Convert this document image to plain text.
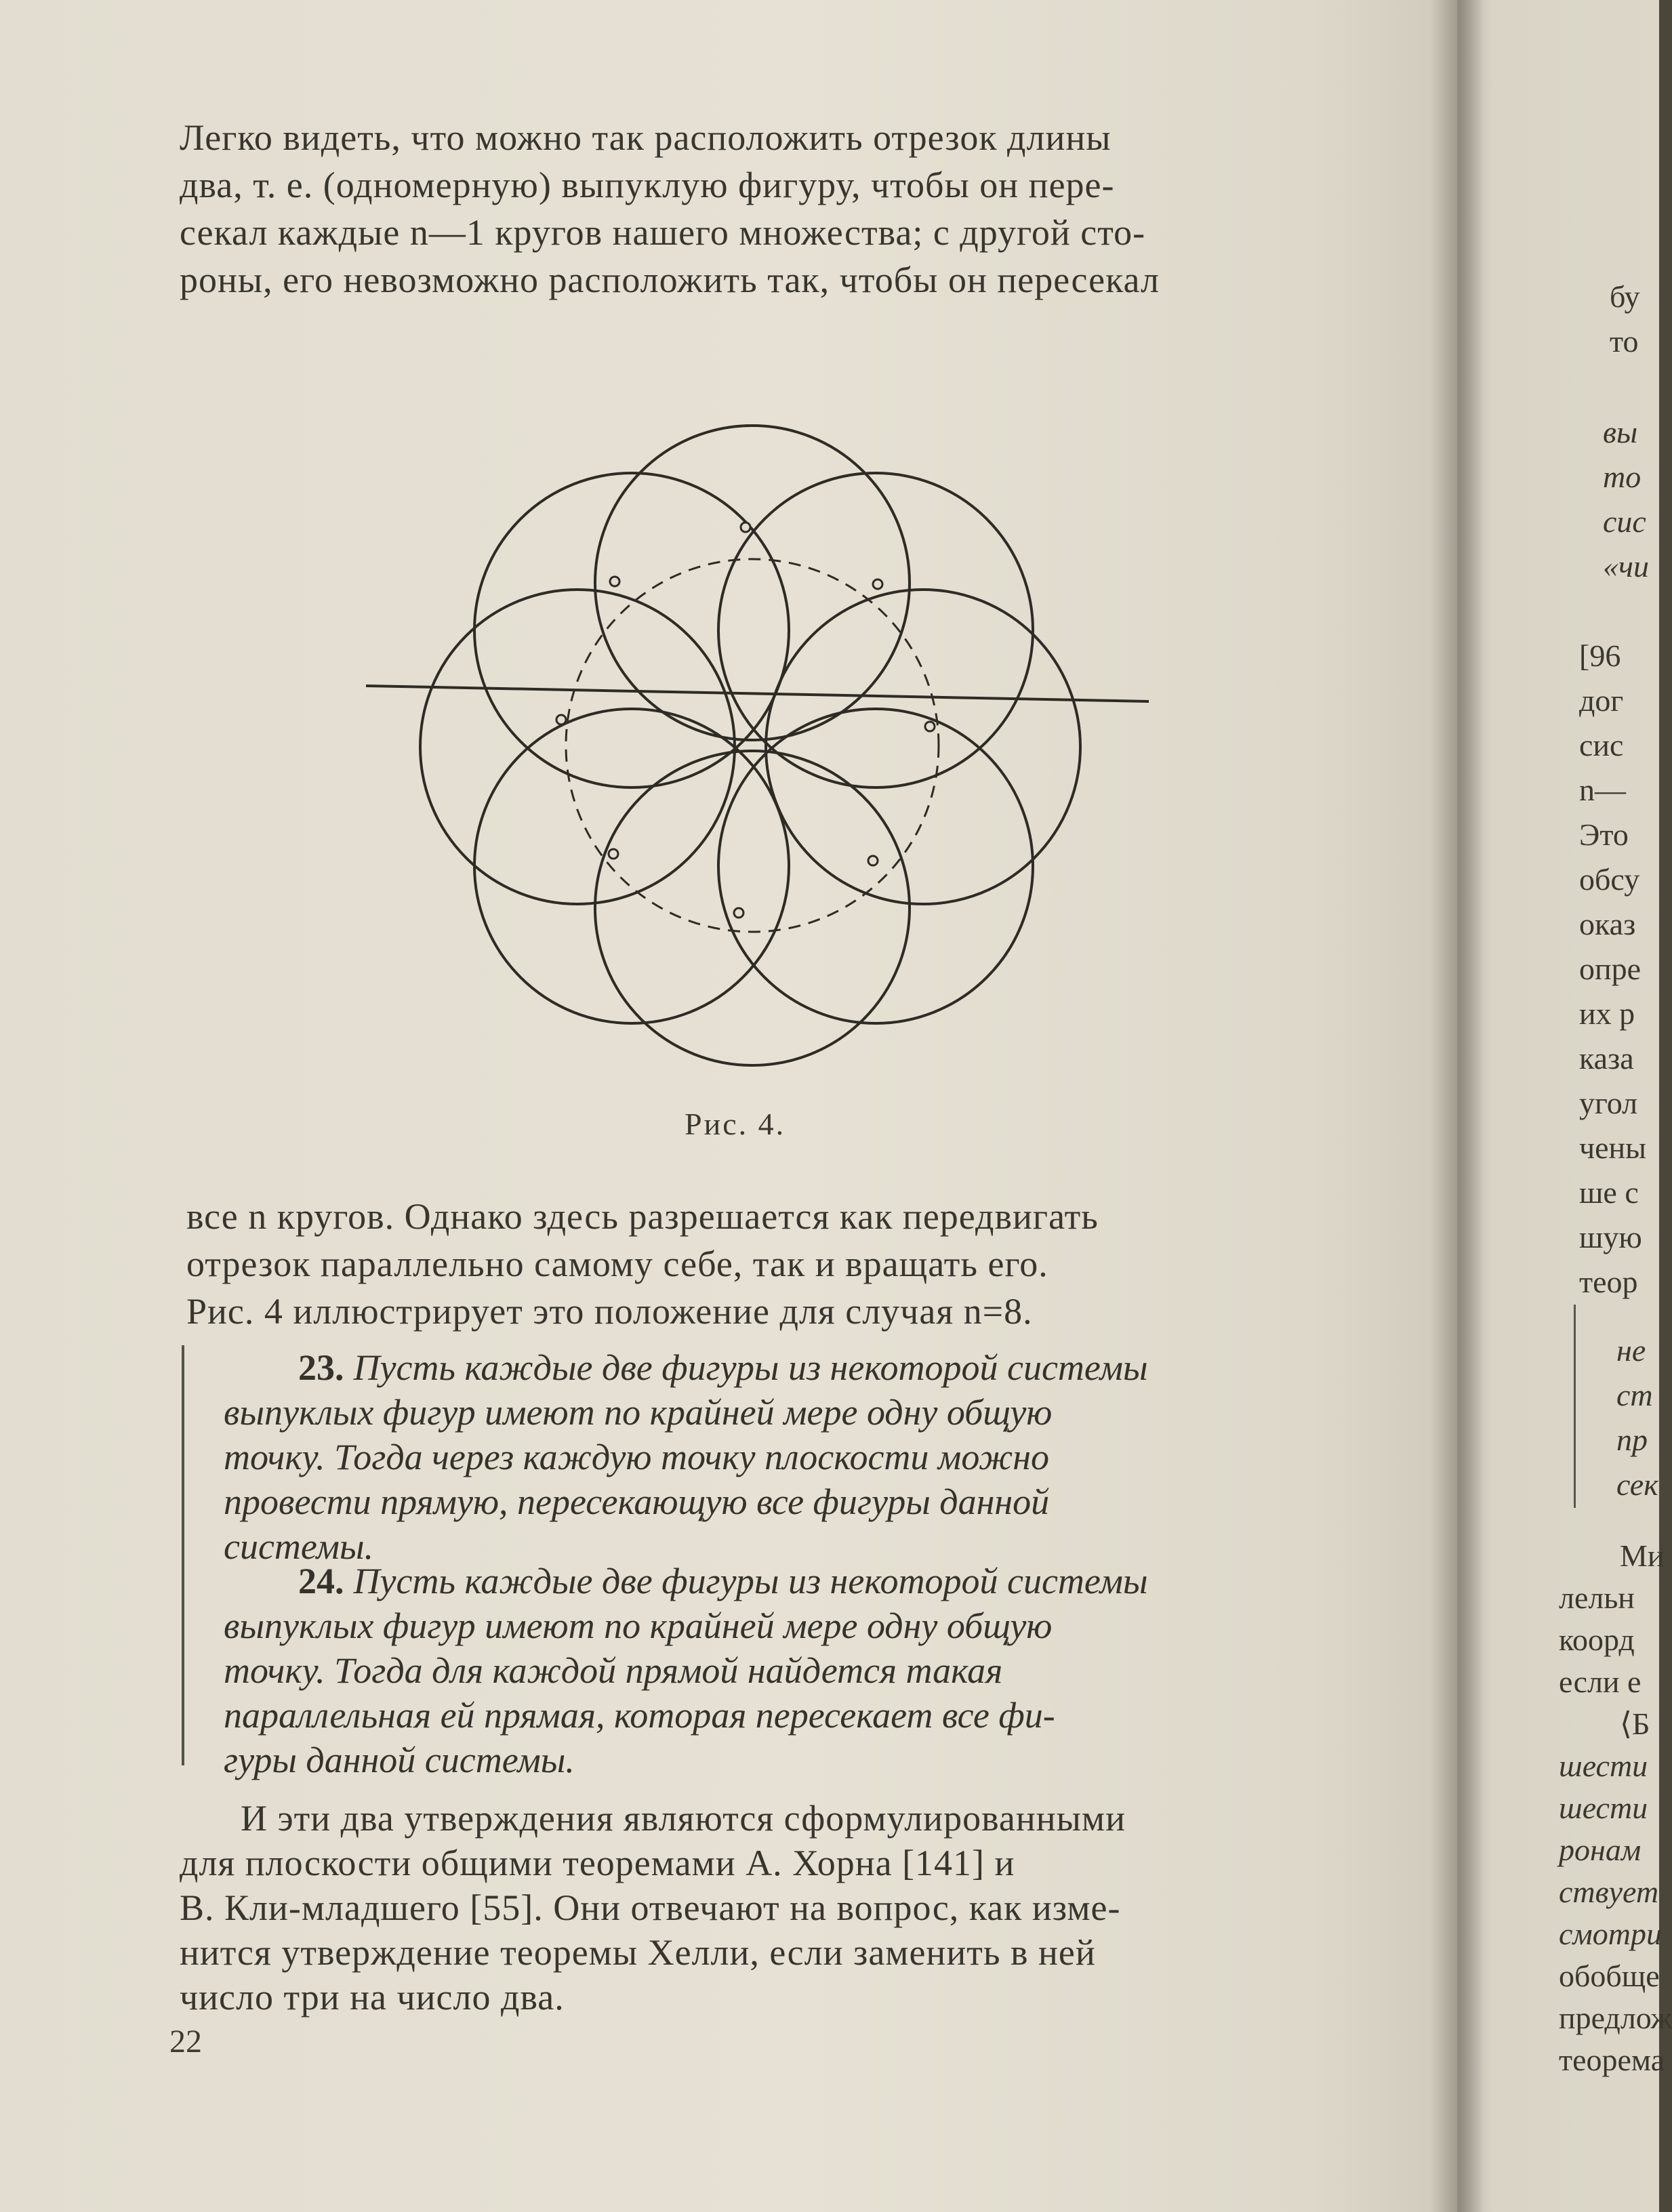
Легко видеть, что можно так расположить отрезок длины
два, т. е. (одномерную) выпуклую фигуру, чтобы он пере-
секал каждые n—1 кругов нашего множества; с другой сто-
роны, его невозможно расположить так, чтобы он пересекал
Рис. 4.
все n кругов. Однако здесь разрешается как передвигать
отрезок параллельно самому себе, так и вращать его.
Рис. 4 иллюстрирует это положение для случая n=8.
23. Пусть каждые две фигуры из некоторой системы
выпуклых фигур имеют по крайней мере одну общую
точку. Тогда через каждую точку плоскости можно
провести прямую, пересекающую все фигуры данной
системы.
24. Пусть каждые две фигуры из некоторой системы
выпуклых фигур имеют по крайней мере одну общую
точку. Тогда для каждой прямой найдется такая
параллельная ей прямая, которая пересекает все фи-
гуры данной системы.
И эти два утверждения являются сформулированными
для плоскости общими теоремами А. Хорна [141] и
В. Кли-младшего [55]. Они отвечают на вопрос, как изме-
нится утверждение теоремы Хелли, если заменить в ней
число три на число два.
22
бу
то
вы
то
сис
«чи
[96
дог
сис
n—
Это
обсу
оказ
опре
их р
каза
угол
чены
ше с
шую
теор
не
ст
пр
сек
Ми
лельн
коорд
если е
⟨Б
шести
шести
ронам
ствует
смотри
обобще
предлож
теорема
